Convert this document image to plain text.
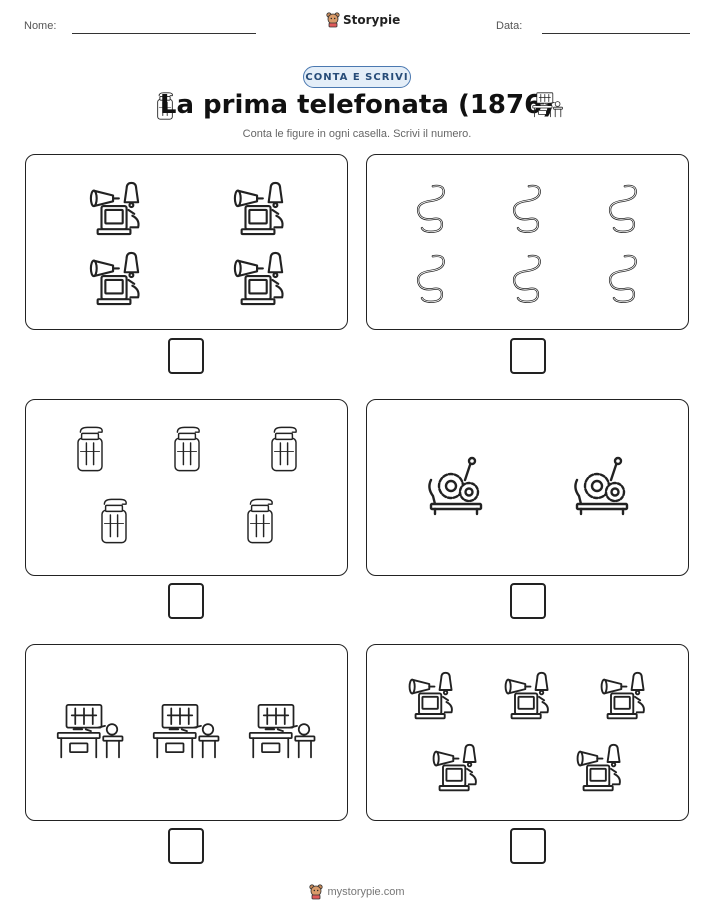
Nome:	Storypie	Data:
CONTA E SCRIVI
La prima telefonata (1876)
Conta le figure in ogni casella. Scrivi il numero.
mystorypie.com
